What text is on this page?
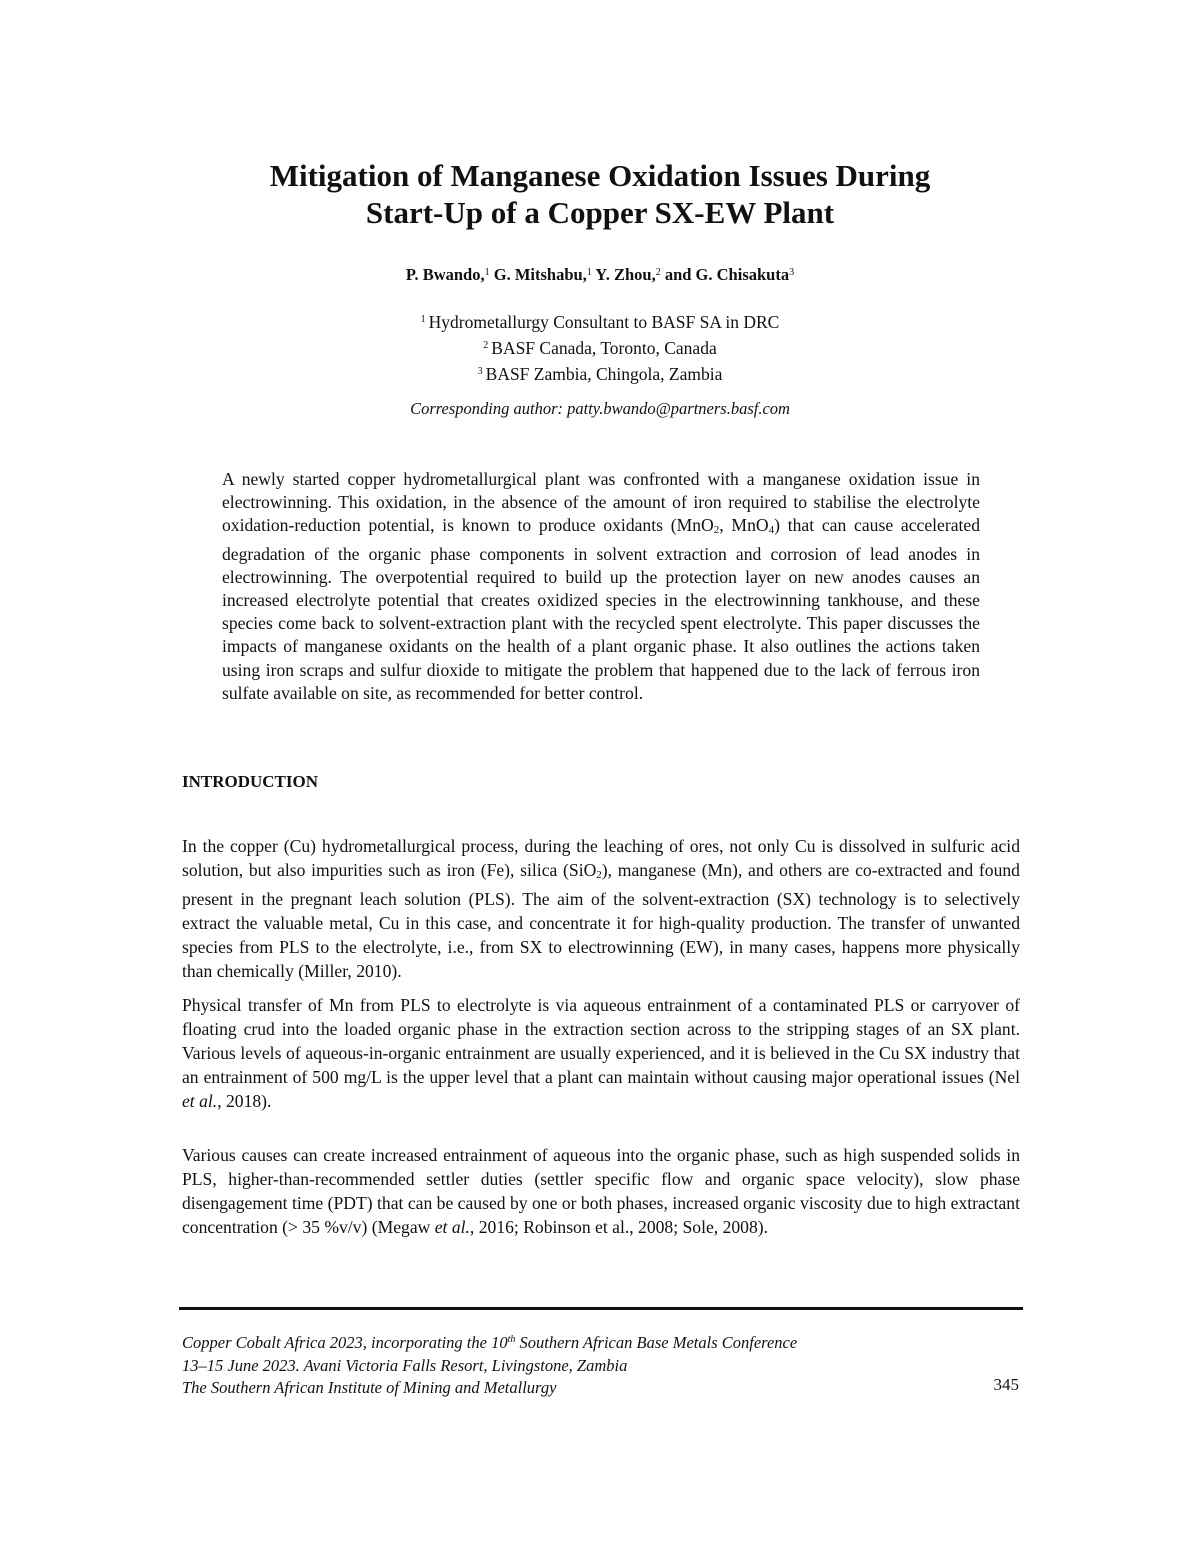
Mitigation of Manganese Oxidation Issues During
Start-Up of a Copper SX-EW Plant
P. Bwando,$^1$ G. Mitshabu,$^1$ Y. Zhou,$^2$ and G. Chisakuta$^3$
$^1$ Hydrometallurgy Consultant to BASF SA in DRC
$^2$ BASF Canada, Toronto, Canada
$^3$ BASF Zambia, Chingola, Zambia
Corresponding author: patty.bwando@partners.basf.com

A newly started copper hydrometallurgical plant was confronted with a manganese oxidation issue in electrowinning. This oxidation, in the absence of the amount of iron required to stabilise the electrolyte oxidation-reduction potential, is known to produce oxidants (MnO$_2$, MnO$_4$) that can cause accelerated degradation of the organic phase components in solvent extraction and corrosion of lead anodes in electrowinning. The overpotential required to build up the protection layer on new anodes causes an increased electrolyte potential that creates oxidized species in the electrowinning tankhouse, and these species come back to solvent-extraction plant with the recycled spent electrolyte. This paper discusses the impacts of manganese oxidants on the health of a plant organic phase. It also outlines the actions taken using iron scraps and sulfur dioxide to mitigate the problem that happened due to the lack of ferrous iron sulfate available on site, as recommended for better control.

INTRODUCTION

In the copper (Cu) hydrometallurgical process, during the leaching of ores, not only Cu is dissolved in sulfuric acid solution, but also impurities such as iron (Fe), silica (SiO$_2$), manganese (Mn), and others are co-extracted and found present in the pregnant leach solution (PLS). The aim of the solvent-extraction (SX) technology is to selectively extract the valuable metal, Cu in this case, and concentrate it for high-quality production. The transfer of unwanted species from PLS to the electrolyte, i.e., from SX to electrowinning (EW), in many cases, happens more physically than chemically (Miller, 2010).

Physical transfer of Mn from PLS to electrolyte is via aqueous entrainment of a contaminated PLS or carryover of floating crud into the loaded organic phase in the extraction section across to the stripping stages of an SX plant. Various levels of aqueous-in-organic entrainment are usually experienced, and it is believed in the Cu SX industry that an entrainment of 500 mg/L is the upper level that a plant can maintain without causing major operational issues (Nel et al., 2018).

Various causes can create increased entrainment of aqueous into the organic phase, such as high suspended solids in PLS, higher-than-recommended settler duties (settler specific flow and organic space velocity), slow phase disengagement time (PDT) that can be caused by one or both phases, increased organic viscosity due to high extractant concentration (> 35 %v/v) (Megaw et al., 2016; Robinson et al., 2008; Sole, 2008).

Copper Cobalt Africa 2023, incorporating the 10th Southern African Base Metals Conference
13–15 June 2023. Avani Victoria Falls Resort, Livingstone, Zambia
The Southern African Institute of Mining and Metallurgy	345
